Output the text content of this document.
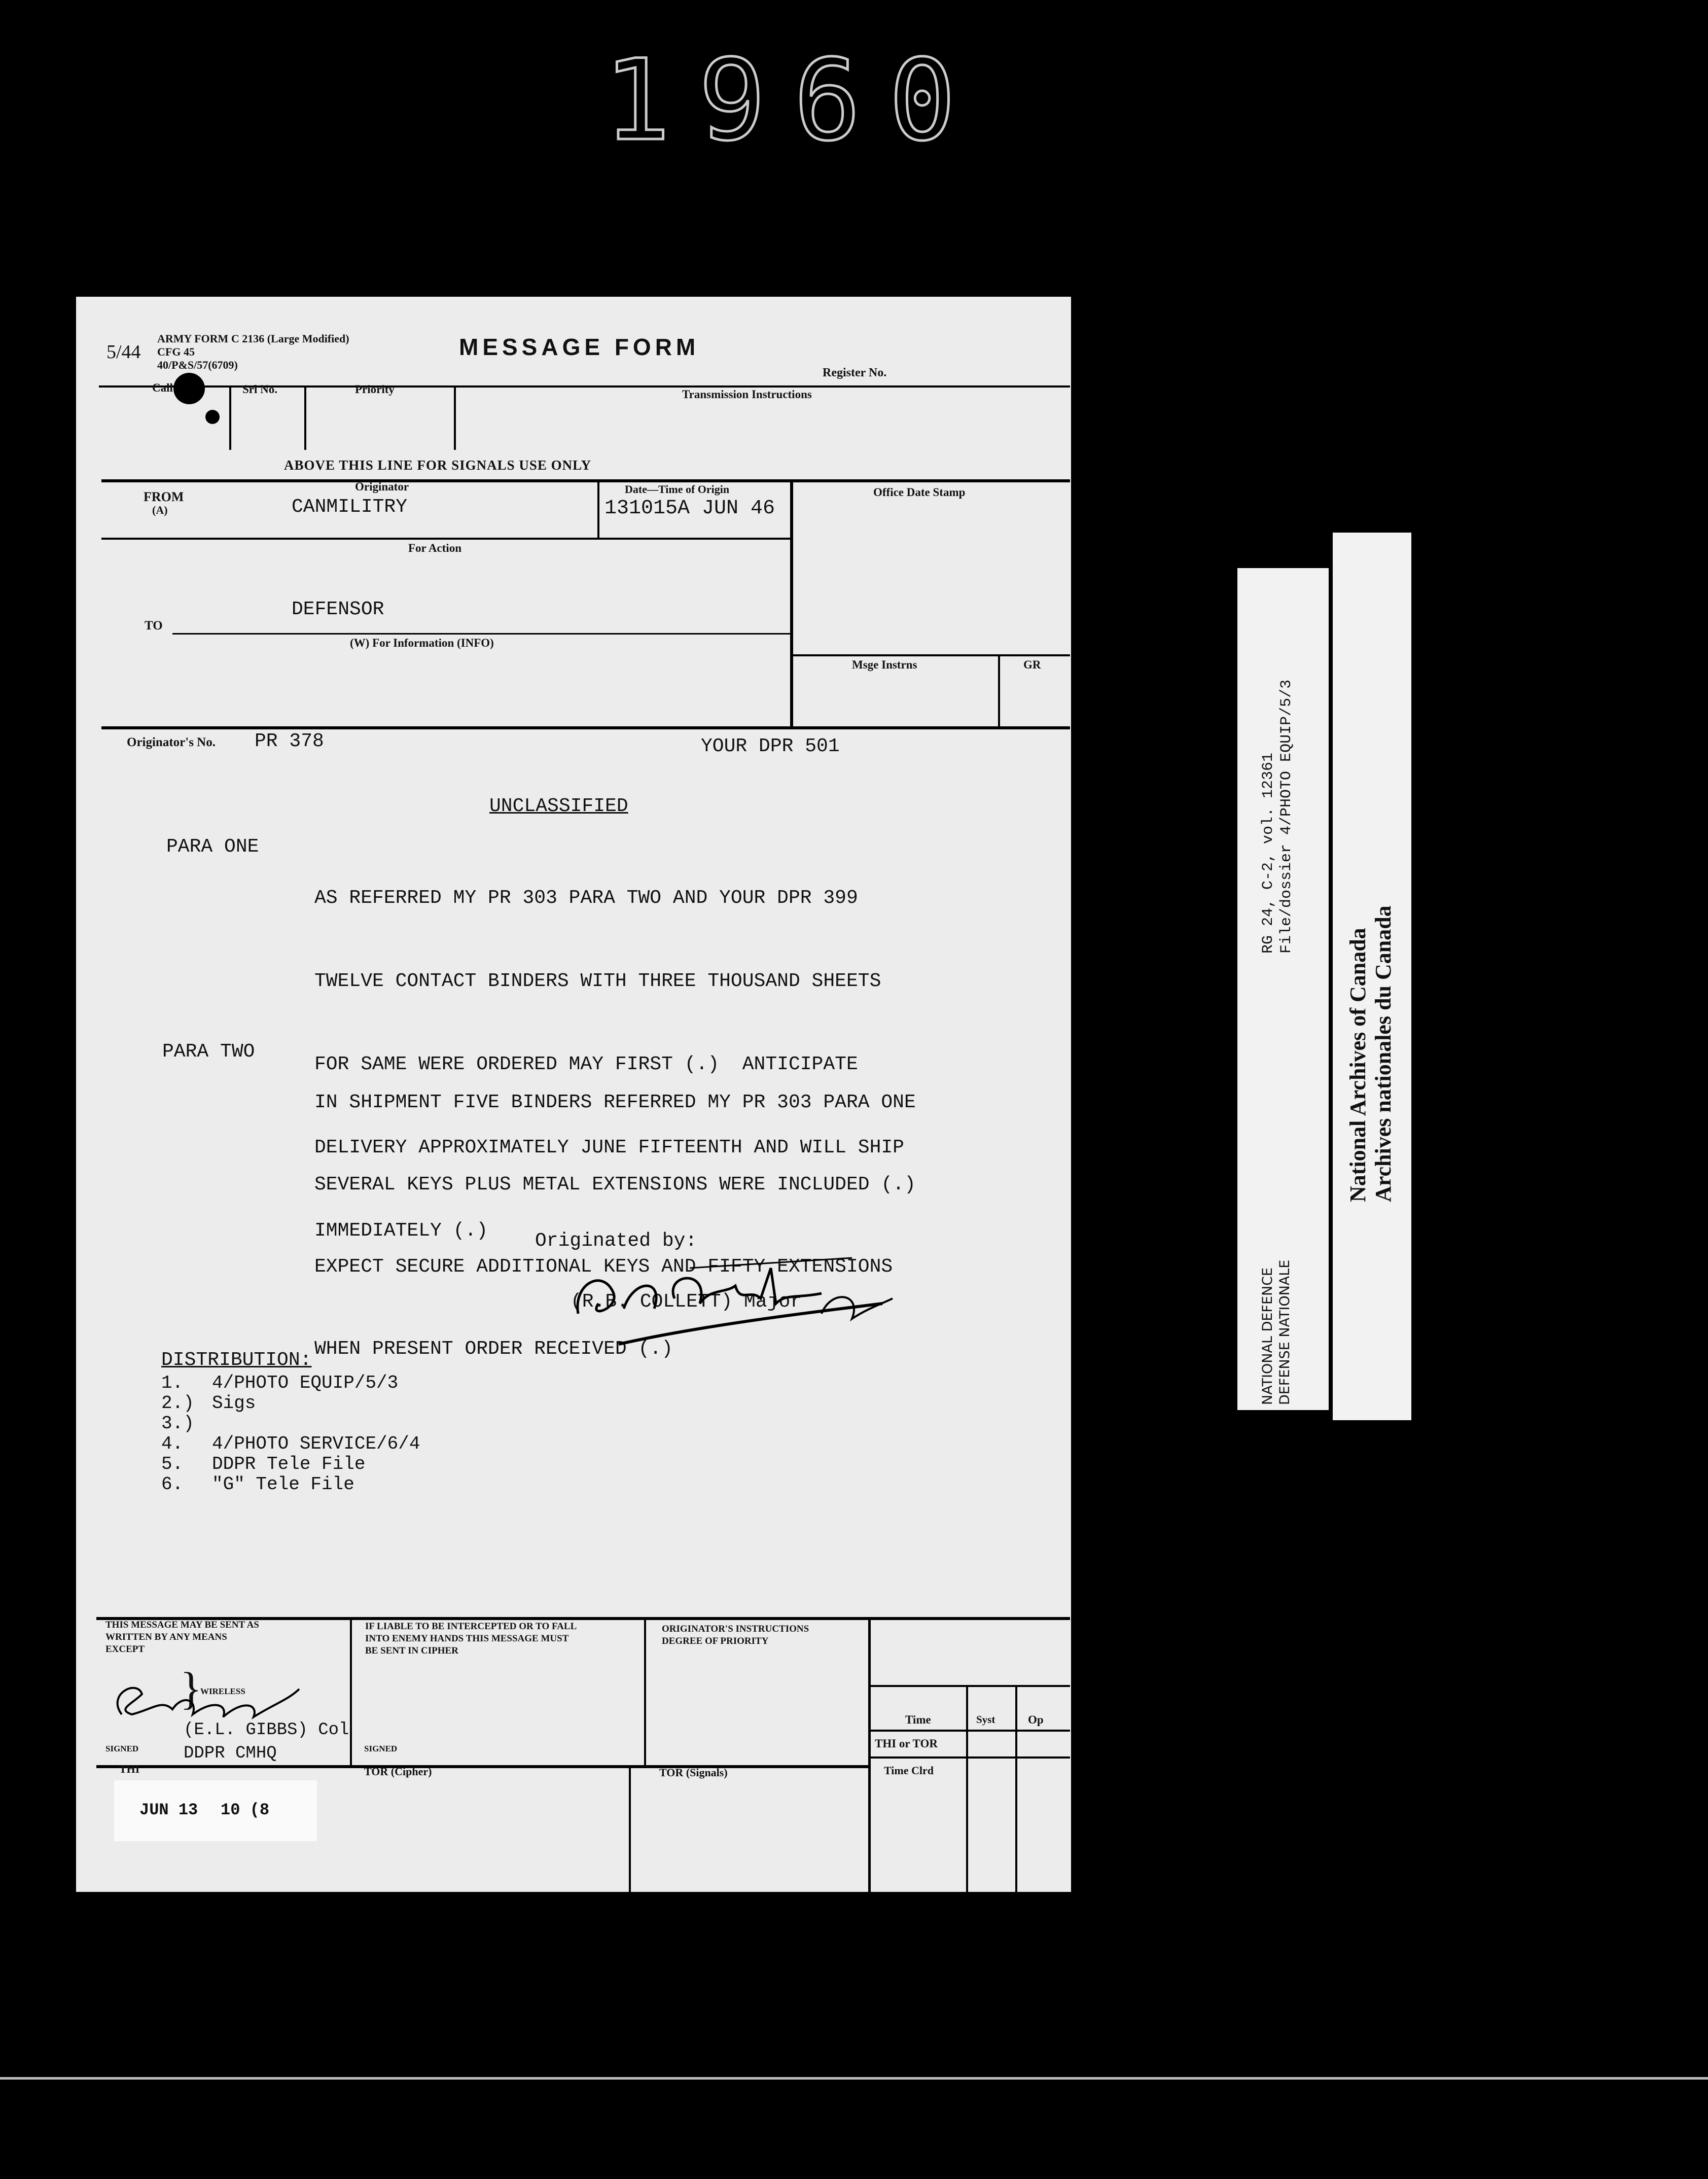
1960
5/44
ARMY FORM C 2136 (Large Modified)
CFG 45
40/P&S/57(6709)
MESSAGE FORM
Register No.
Call	Srl No.	Priority	Transmission Instructions
ABOVE THIS LINE FOR SIGNALS USE ONLY
FROM
(A)
Originator
CANMILITRY
Date—Time of Origin
131015A JUN 46
Office Date Stamp
For Action
DEFENSOR
TO
(W) For Information (INFO)
Msge Instrns	GR
Originator's No. PR 378	YOUR DPR 501
UNCLASSIFIED
PARA ONE

AS REFERRED MY PR 303 PARA TWO AND YOUR DPR 399

TWELVE CONTACT BINDERS WITH THREE THOUSAND SHEETS

FOR SAME WERE ORDERED MAY FIRST (.)  ANTICIPATE

DELIVERY APPROXIMATELY JUNE FIFTEENTH AND WILL SHIP

IMMEDIATELY (.)

PARA TWO

IN SHIPMENT FIVE BINDERS REFERRED MY PR 303 PARA ONE

SEVERAL KEYS PLUS METAL EXTENSIONS WERE INCLUDED (.)

EXPECT SECURE ADDITIONAL KEYS AND FIFTY EXTENSIONS

WHEN PRESENT ORDER RECEIVED (.)

Originated by:
(R.B. COLLETT) Major
DISTRIBUTION:
1. 4/PHOTO EQUIP/5/3
2.) Sigs
3.)
4. 4/PHOTO SERVICE/6/4
5. DDPR Tele File
6. "G" Tele File
THIS MESSAGE MAY BE SENT AS
WRITTEN BY ANY MEANS
EXCEPT
IF LIABLE TO BE INTERCEPTED OR TO FALL
INTO ENEMY HANDS THIS MESSAGE MUST
BE SENT IN CIPHER
ORIGINATOR'S INSTRUCTIONS
DEGREE OF PRIORITY
WIRELESS
}
(E.L. GIBBS) Col
DDPR CMHQ
SIGNED	SIGNED
Time	Syst	Op
THI or TOR
Time Clrd
THI	TOR (Cipher)	TOR (Signals)
JUN 13 10 (8
RG 24, C-2, vol. 12361 File/dossier 4/PHOTO EQUIP/5/3
NATIONAL DEFENCE DEFENSE NATIONALE
National Archives of Canada Archives nationales du Canada
